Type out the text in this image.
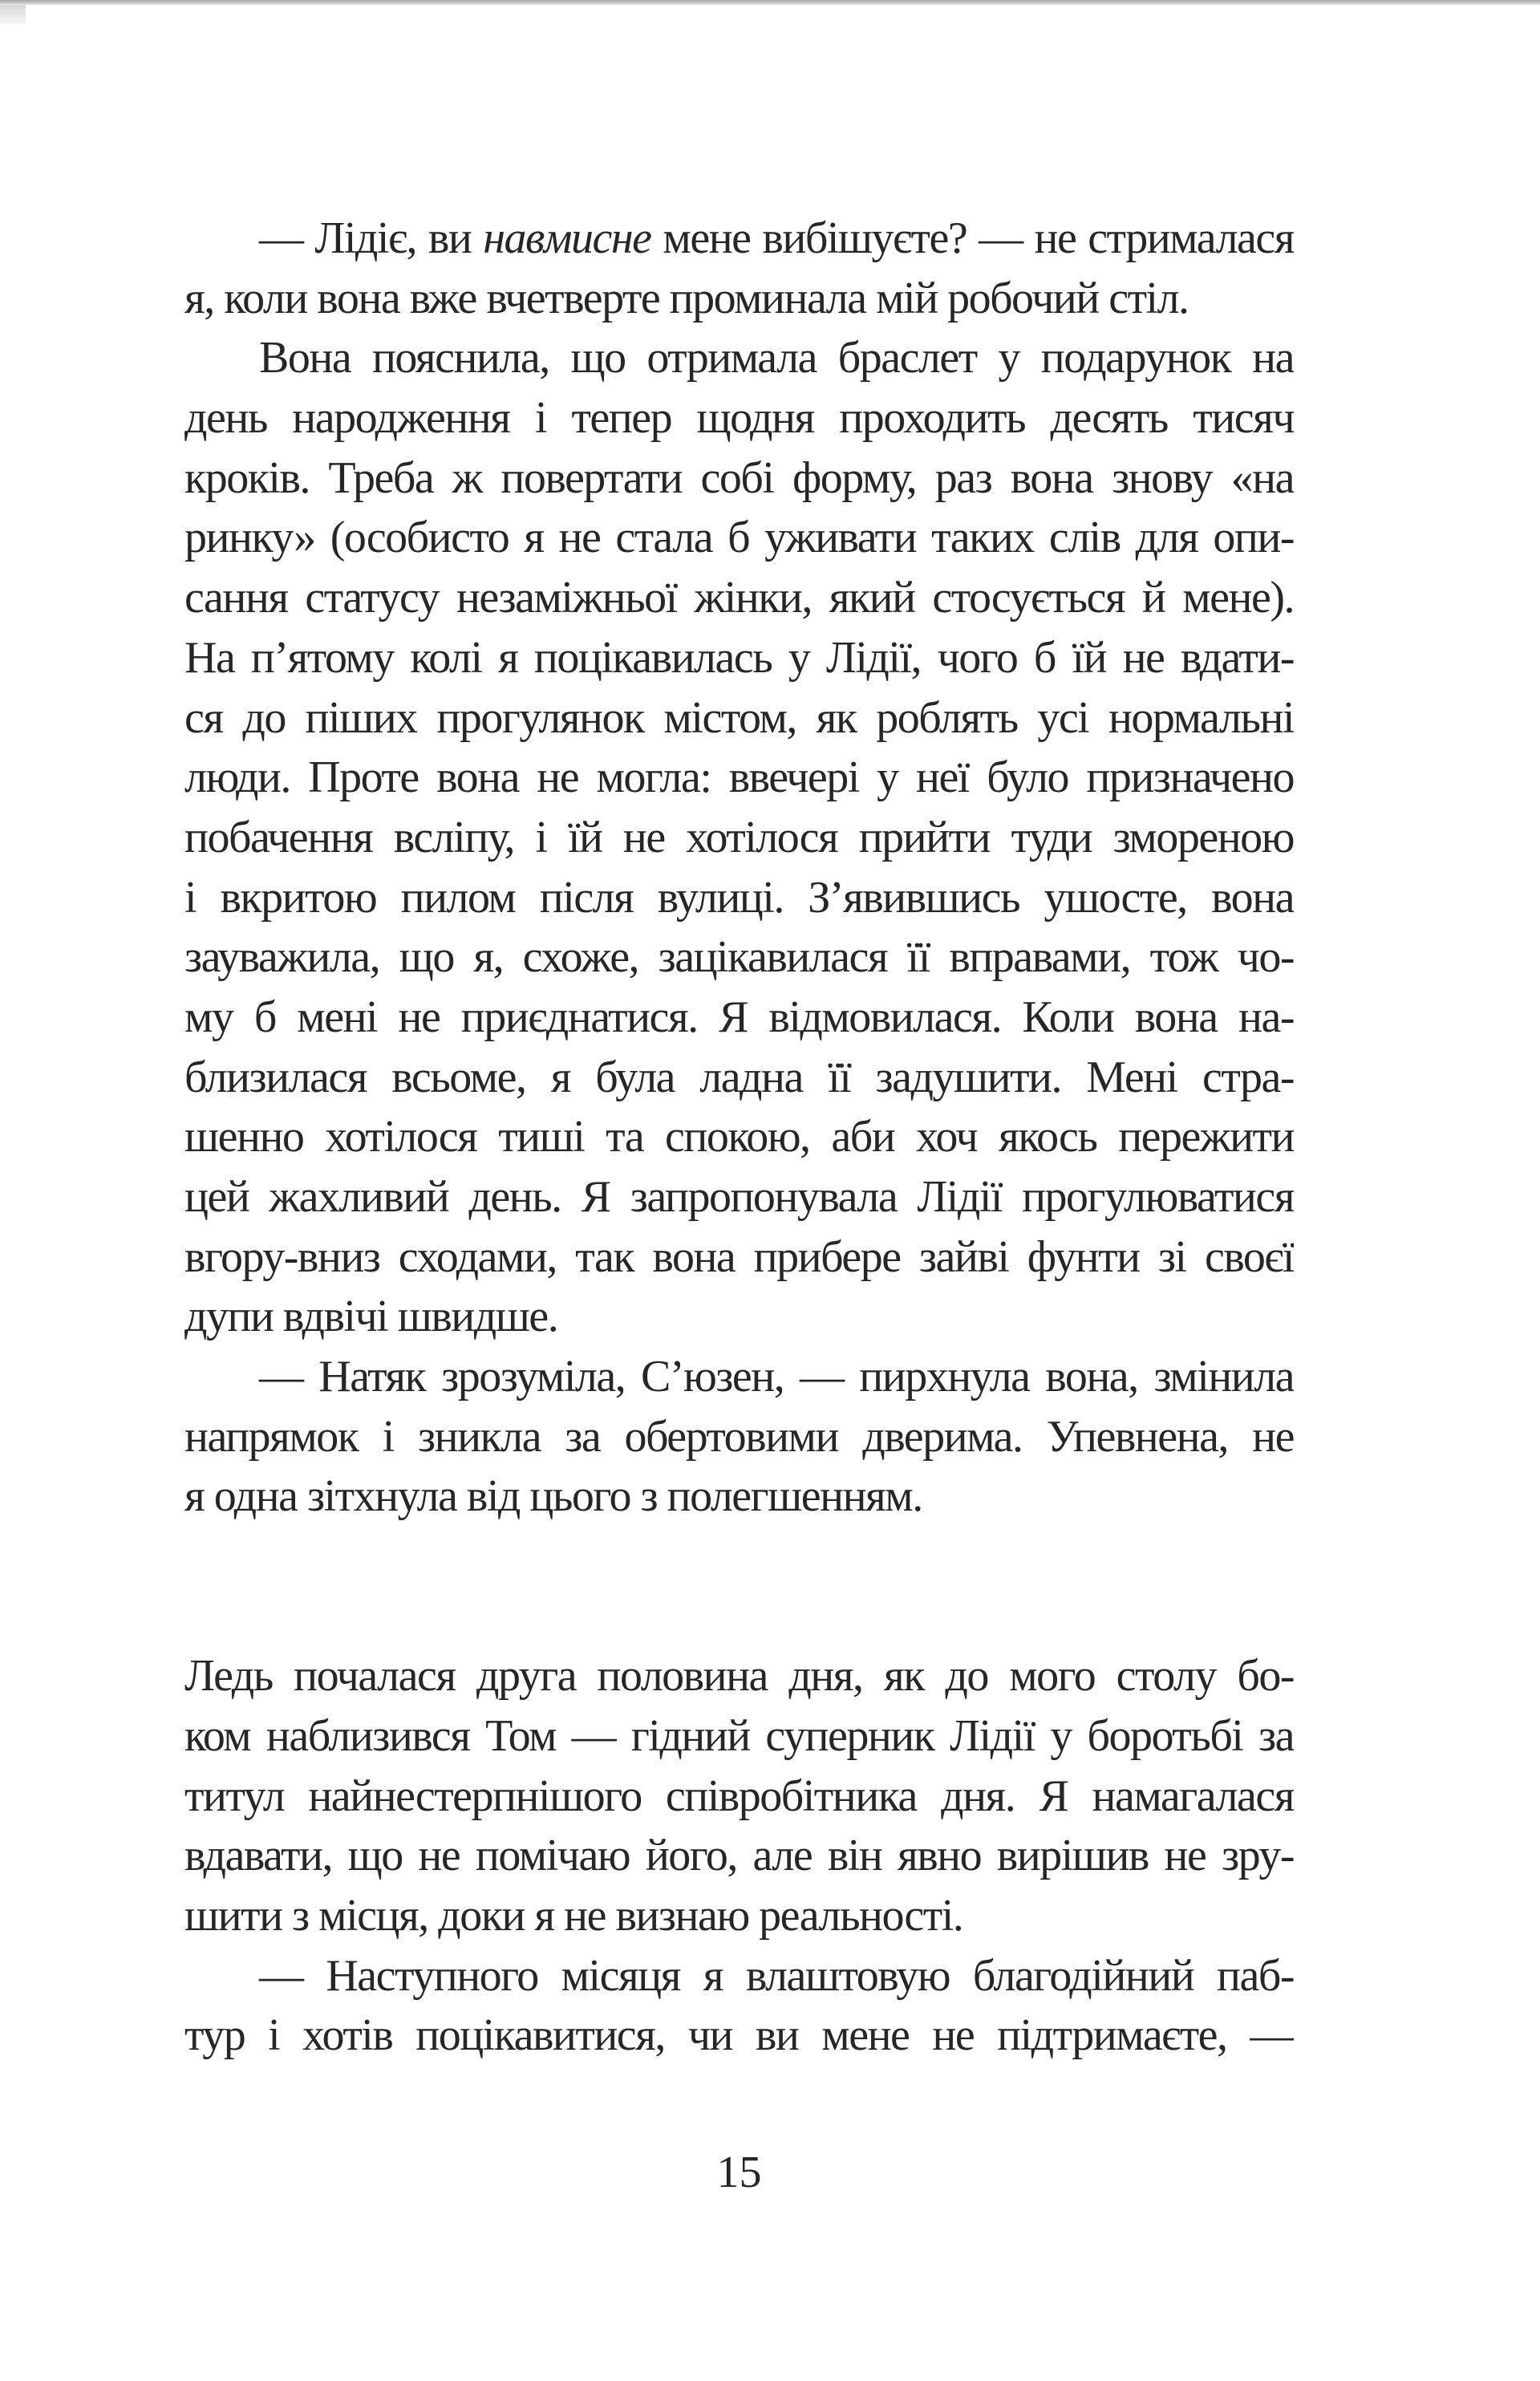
— Лідіє, ви навмисне мене вибішуєте? — не стрималася
я, коли вона вже вчетверте проминала мій робочий стіл.
Вона пояснила, що отримала браслет у подарунок на
день народження і тепер щодня проходить десять тисяч
кроків. Треба ж повертати собі форму, раз вона знову «на
ринку» (особисто я не стала б уживати таких слів для опи-
сання статусу незаміжньої жінки, який стосується й мене).
На п’ятому колі я поцікавилась у Лідії, чого б їй не вдати-
ся до піших прогулянок містом, як роблять усі нормальні
люди. Проте вона не могла: ввечері у неї було призначено
побачення всліпу, і їй не хотілося прийти туди змореною
і вкритою пилом після вулиці. З’явившись ушосте, вона
зауважила, що я, схоже, зацікавилася її вправами, тож чо-
му б мені не приєднатися. Я відмовилася. Коли вона на-
близилася всьоме, я була ладна її задушити. Мені стра-
шенно хотілося тиші та спокою, аби хоч якось пережити
цей жахливий день. Я запропонувала Лідії прогулюватися
вгору-вниз сходами, так вона прибере зайві фунти зі своєї
дупи вдвічі швидше.
— Натяк зрозуміла, С’юзен, — пирхнула вона, змінила
напрямок і зникла за обертовими дверима. Упевнена, не
я одна зітхнула від цього з полегшенням.
Ледь почалася друга половина дня, як до мого столу бо-
ком наблизився Том — гідний суперник Лідії у боротьбі за
титул найнестерпнішого співробітника дня. Я намагалася
вдавати, що не помічаю його, але він явно вирішив не зру-
шити з місця, доки я не визнаю реальності.
— Наступного місяця я влаштовую благодійний паб-
тур і хотів поцікавитися, чи ви мене не підтримаєте, —
15
